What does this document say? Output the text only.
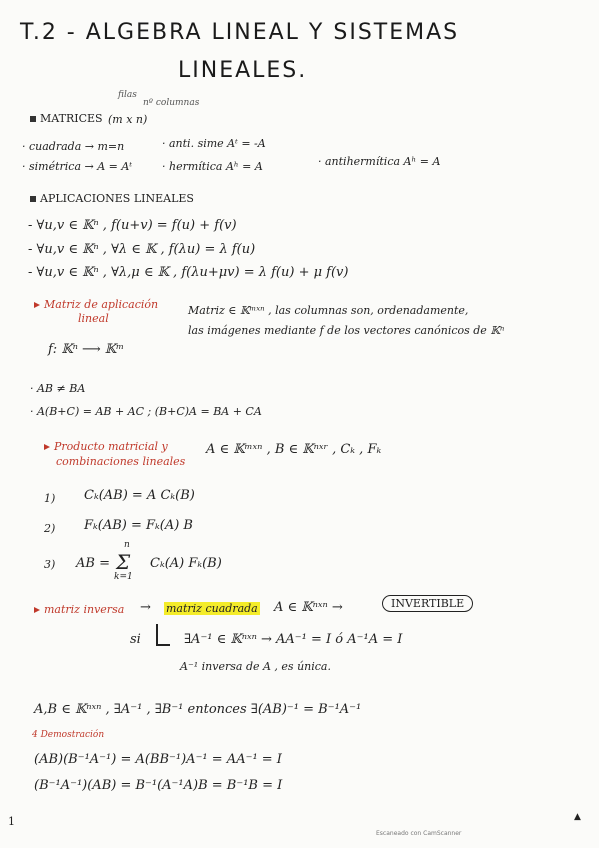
T.2 - ALGEBRA LINEAL Y SISTEMAS
LINEALES.
filas
nº columnas
MATRICES (m x n)
· cuadrada → m=n	· anti. sime Aᵗ = -A
· simétrica → A = Aᵗ	· hermítica Aʰ = A	· antihermítica Aʰ = A
APLICACIONES LINEALES
- ∀u,v ∈ 𝕂ⁿ , f(u+v) = f(u) + f(v)
- ∀u,v ∈ 𝕂ⁿ , ∀λ ∈ 𝕂 , f(λu) = λ f(u)
- ∀u,v ∈ 𝕂ⁿ , ∀λ,μ ∈ 𝕂 , f(λu+μv) = λ f(u) + μ f(v)
Matriz de aplicación
lineal
Matriz ∈ 𝕂ᵐˣⁿ , las columnas son, ordenadamente,
las imágenes mediante f de los vectores canónicos de 𝕂ⁿ
f: 𝕂ⁿ ⟶ 𝕂ᵐ
· AB ≠ BA
· A(B+C) = AB + AC ; (B+C)A = BA + CA
Producto matricial y
combinaciones lineales
A ∈ 𝕂ᵐˣⁿ , B ∈ 𝕂ⁿˣʳ , Cₖ , Fₖ
1) Cₖ(AB) = A Cₖ(B)
2) Fₖ(AB) = Fₖ(A) B
3) AB =
n
Σ
k=1
Cₖ(A) Fₖ(B)
matriz inversa → matriz cuadrada A ∈ 𝕂ⁿˣⁿ →	INVERTIBLE
si	∃A⁻¹ ∈ 𝕂ⁿˣⁿ → AA⁻¹ = I ó A⁻¹A = I
A⁻¹ inversa de A , es única.
A,B ∈ 𝕂ⁿˣⁿ , ∃A⁻¹ , ∃B⁻¹ entonces ∃(AB)⁻¹ = B⁻¹A⁻¹
4 Demostración
(AB)(B⁻¹A⁻¹) = A(BB⁻¹)A⁻¹ = AA⁻¹ = I
(B⁻¹A⁻¹)(AB) = B⁻¹(A⁻¹A)B = B⁻¹B = I
1
Escaneado con CamScanner
▲
